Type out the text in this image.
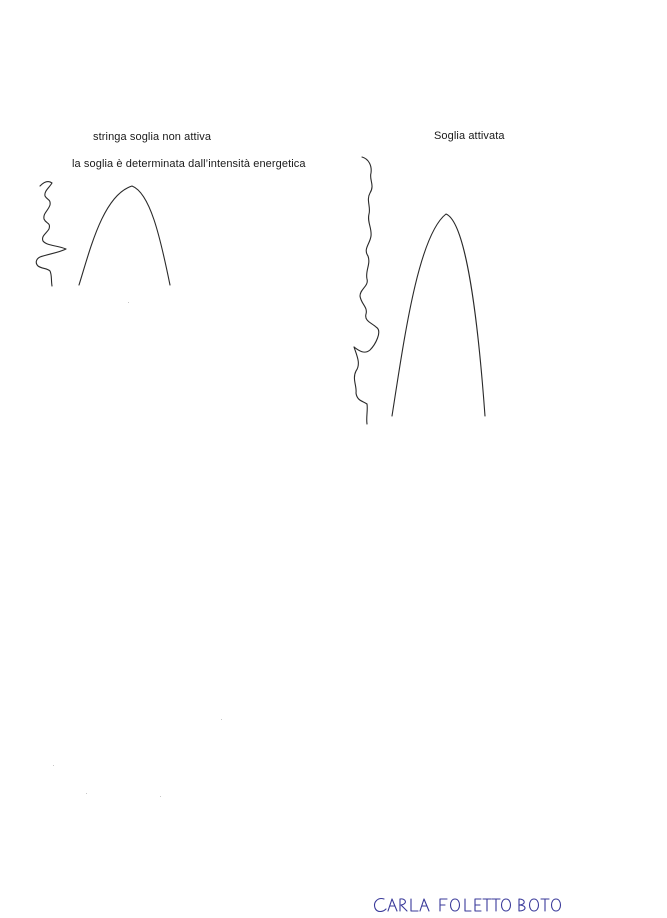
stringa soglia non attiva
la soglia è determinata dall’intensità energetica
Soglia attivata
